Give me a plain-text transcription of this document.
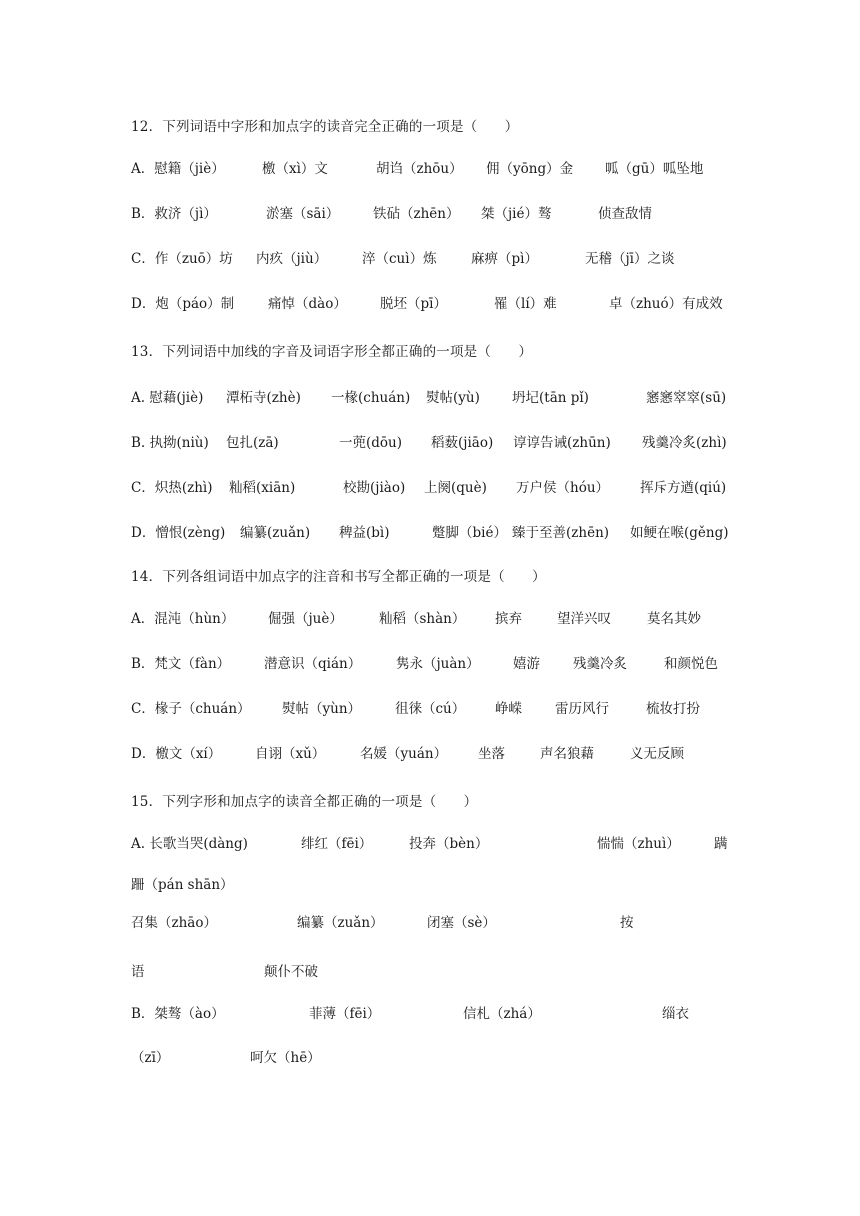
12．下列词语中字形和加点字的读音完全正确的一项是（　　）
A．慰籍（jiè）	檄（xì）文	胡诌（zhōu） 佣（yōng）金 呱（gū）呱坠地
B．救济（jì）	淤塞（sāi） 铁砧（zhēn） 桀（jié）骜	侦查敌情
C．作（zuō）坊 内疚（jiù）	淬（cuì）炼	麻痹（pì）	无稽（jī）之谈
D．炮（páo）制	痛悼（dào） 脱坯（pī）	罹（lí）难	卓（zhuó）有成效
13．下列词语中加线的字音及词语字形全都正确的一项是（　　）
A. 慰藉(jiè) 潭柘寺(zhè) 一椽(chuán) 熨帖(yù) 坍圮(tān pǐ)	窸窸窣窣(sū)
B. 执拗(niù) 包扎(zā)	一蔸(dōu) 稻薮(jiāo) 谆谆告诫(zhūn) 残羹冷炙(zhì)
C．炽热(zhì) 籼稻(xiān)	校勘(jiào) 上阕(què) 万户侯（hóu） 挥斥方遒(qiú)
D．憎恨(zèng) 编纂(zuǎn) 稗益(bì)	蹩脚（bié） 臻于至善(zhēn) 如鲠在喉(gěng)
14．下列各组词语中加点字的注音和书写全都正确的一项是（　　）
A．混沌（hùn） 倔强（juè）	籼稻（shàn） 摈弃	望洋兴叹	莫名其妙
B．梵文（fàn）	潜意识（qián）	隽永（juàn） 嬉游 残羹冷炙	和颜悦色
C．椽子（chuán） 熨帖（yùn）	徂徕（cú） 峥嵘 雷历风行	梳妆打扮
D．檄文（xí） 自诩（xǔ）	名媛（yuán） 坐落	声名狼藉	义无反顾
15．下列字形和加点字的读音全都正确的一项是（　　）
A. 长歌当哭(dàng)	绯红（fēi）	投奔（bèn）	惴惴（zhuì）	蹒
跚（pán shān）
召集（zhāo）	编纂（zuǎn）	闭塞（sè）	按
语	颠仆不破
B．桀骜（ào）	菲薄（fēi）	信札（zhá）	缁衣
（zī）	呵欠（hē）
